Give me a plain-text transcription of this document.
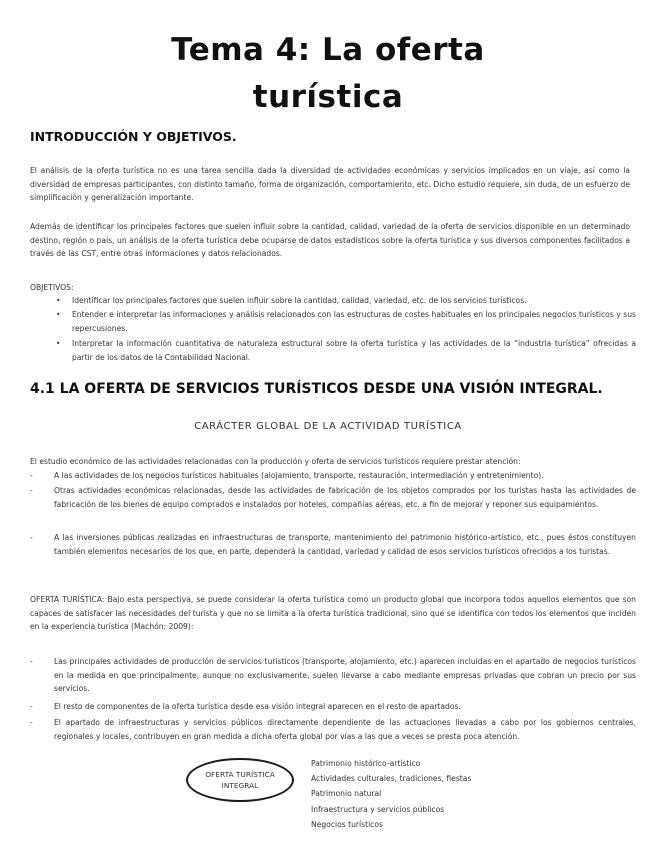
Tema 4: La oferta
turística
INTRODUCCIÓN Y OBJETIVOS.
El análisis de la oferta turística no es una tarea sencilla dada la diversidad de actividades económicas y servicios implicados en un viaje, así como la diversidad de empresas participantes, con distinto tamaño, forma de organización, comportamiento, etc. Dicho estudio requiere, sin duda, de un esfuerzo de simplificación y generalización importante.
Además de identificar los principales factores que suelen influir sobre la cantidad, calidad, variedad de la oferta de servicios disponible en un determinado destino, región o país, un análisis de la oferta turística debe ocuparse de datos estadísticos sobre la oferta turística y sus diversos componentes facilitados a través de las CST, entre otras informaciones y datos relacionados.
OBJETIVOS:
•	Identificar los principales factores que suelen influir sobre la cantidad, calidad, variedad, etc. de los servicios turísticos.
•	Entender e interpretar las informaciones y análisis relacionados con las estructuras de costes habituales en los principales negocios turísticos y sus repercusiones.
•	Interpretar la información cuantitativa de naturaleza estructural sobre la oferta turística y las actividades de la “industria turística” ofrecidas a partir de los datos de la Contabilidad Nacional.
4.1 LA OFERTA DE SERVICIOS TURÍSTICOS DESDE UNA VISIÓN INTEGRAL.
CARÁCTER GLOBAL DE LA ACTIVIDAD TURÍSTICA
El estudio económico de las actividades relacionadas con la producción y oferta de servicios turísticos requiere prestar atención:
-	A las actividades de los negocios turísticos habituales (alojamiento, transporte, restauración, intermediación y entretenimiento).
-	Otras actividades económicas relacionadas, desde las actividades de fabricación de los objetos comprados por los turistas hasta las actividades de fabricación de los bienes de equipo comprados e instalados por hoteles, compañías aéreas, etc. a fin de mejorar y reponer sus equipamientos.
-	A las inversiones públicas realizadas en infraestructuras de transporte, mantenimiento del patrimonio histórico-artístico, etc., pues éstos constituyen también elementos necesarios de los que, en parte, dependerá la cantidad, variedad y calidad de esos servicios turísticos ofrecidos a los turistas.
OFERTA TURÍSTICA: Bajo esta perspectiva, se puede considerar la oferta turística como un producto global que incorpora todos aquellos elementos que son capaces de satisfacer las necesidades del turista y que no se limita a la oferta turística tradicional, sino que se identifica con todos los elementos que inciden en la experiencia turística (Machón; 2009):
-	Las principales actividades de producción de servicios turísticos (transporte, alojamiento, etc.) aparecen incluidas en el apartado de negocios turísticos en la medida en que principalmente, aunque no exclusivamente, suelen llevarse a cabo mediante empresas privadas que cobran un precio por sus servicios.
-	El resto de componentes de la oferta turística desde esa visión integral aparecen en el resto de apartados.
-	El apartado de infraestructuras y servicios públicos directamente dependiente de las actuaciones llevadas a cabo por los gobiernos centrales, regionales y locales, contribuyen en gran medida a dicha oferta global por vías a las que a veces se presta poca atención.
OFERTA TURÍSTICA
INTEGRAL
Patrimonio histórico-artístico
Actividades culturales, tradiciones, fiestas
Patrimonio natural
Infraestructura y servicios públicos
Negocios turísticos
